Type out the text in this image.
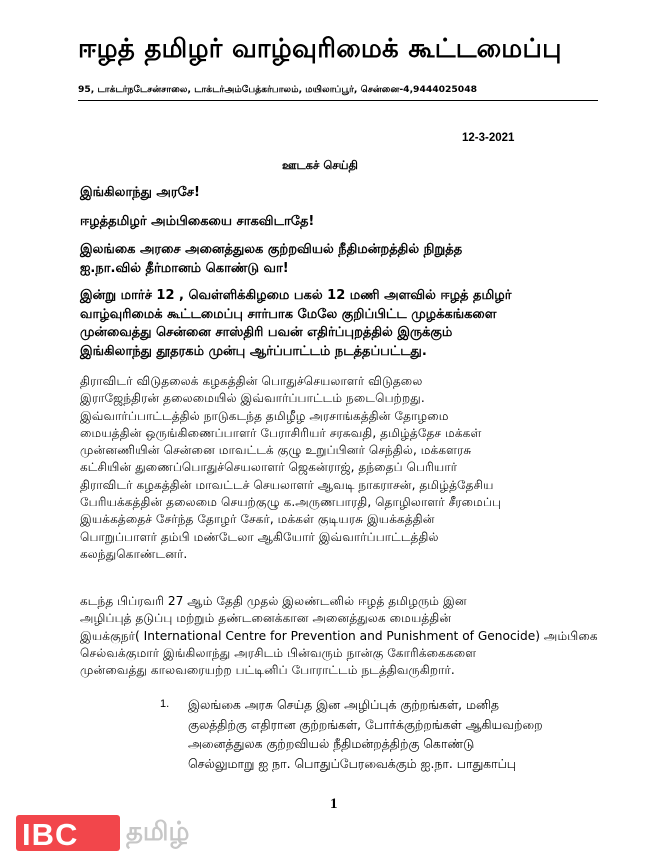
ஈழத் தமிழர் வாழ்வுரிமைக் கூட்டமைப்பு
95, டாக்டர்நடேசன்சாலை, டாக்டர்அம்பேத்கர்பாலம், மயிலாப்பூர், சென்னை-4,9444025048
12-3-2021
ஊடகச் செய்தி
இங்கிலாந்து அரசே!
ஈழத்தமிழர் அம்பிகையை சாகவிடாதே!
இலங்கை அரசை அனைத்துலக குற்றவியல் நீதிமன்றத்தில் நிறுத்த
ஐ.நா.வில் தீர்மானம் கொண்டு வா!
இன்று மார்ச் 12 , வெள்ளிக்கிழமை பகல் 12 மணி அளவில் ஈழத் தமிழர்
வாழ்வுரிமைக் கூட்டமைப்பு சார்பாக மேலே குறிப்பிட்ட முழக்கங்களை
முன்வைத்து சென்னை சாஸ்திரி பவன் எதிர்ப்புறத்தில் இருக்கும்
இங்கிலாந்து தூதரகம் முன்பு ஆர்ப்பாட்டம் நடத்தப்பட்டது.
திராவிடர் விடுதலைக் கழகத்தின் பொதுச்செயலாளர் விடுதலை
இராஜேந்திரன் தலைமையில் இவ்வார்ப்பாட்டம் நடைபெற்றது.
இவ்வார்ப்பாட்டத்தில் நாடுகடந்த தமிழீழ அரசாங்கத்தின் தோழமை
மையத்தின் ஒருங்கிணைப்பாளர் பேராசிரியர் சரசுவதி, தமிழ்த்தேச மக்கள்
முன்னணியின் சென்னை மாவட்டக் குழு உறுப்பினர் செந்தில், மக்களரசு
கட்சியின் துணைப்பொதுச்செயலாளர் ஜெகன்ராஜ், தந்தைப் பெரியார்
திராவிடர் கழகத்தின் மாவட்டச் செயலாளர் ஆவடி நாகராசன், தமிழ்த்தேசிய
பேரியக்கத்தின் தலைமை செயற்குழு க.அருணபாரதி, தொழிலாளர் சீரமைப்பு
இயக்கத்தைச் சேர்ந்த தோழர் சேகர், மக்கள் குடியரசு இயக்கத்தின்
பொறுப்பாளர் தம்பி மண்டேலா ஆகியோர் இவ்வார்ப்பாட்டத்தில்
கலந்துகொண்டனர்.
கடந்த பிப்ரவரி 27 ஆம் தேதி முதல் இலண்டனில் ஈழத் தமிழரும் இன
அழிப்புத் தடுப்பு மற்றும் தண்டனைக்கான அனைத்துலக மையத்தின்
இயக்குநர்( International Centre for Prevention and Punishment of Genocide) அம்பிகை
செல்வக்குமார் இங்கிலாந்து அரசிடம் பின்வரும் நான்கு கோரிக்கைகளை
முன்வைத்து காலவரையற்ற பட்டினிப் போராட்டம் நடத்திவருகிறார்.
1. இலங்கை அரசு செய்த இன அழிப்புக் குற்றங்கள், மனித
குலத்திற்கு எதிரான குற்றங்கள், போர்க்குற்றங்கள் ஆகியவற்றை
அனைத்துலக குற்றவியல் நீதிமன்றத்திற்கு கொண்டு
செல்லுமாறு ஐ நா. பொதுப்பேரவைக்கும் ஐ.நா. பாதுகாப்பு
1
IBC தமிழ்
